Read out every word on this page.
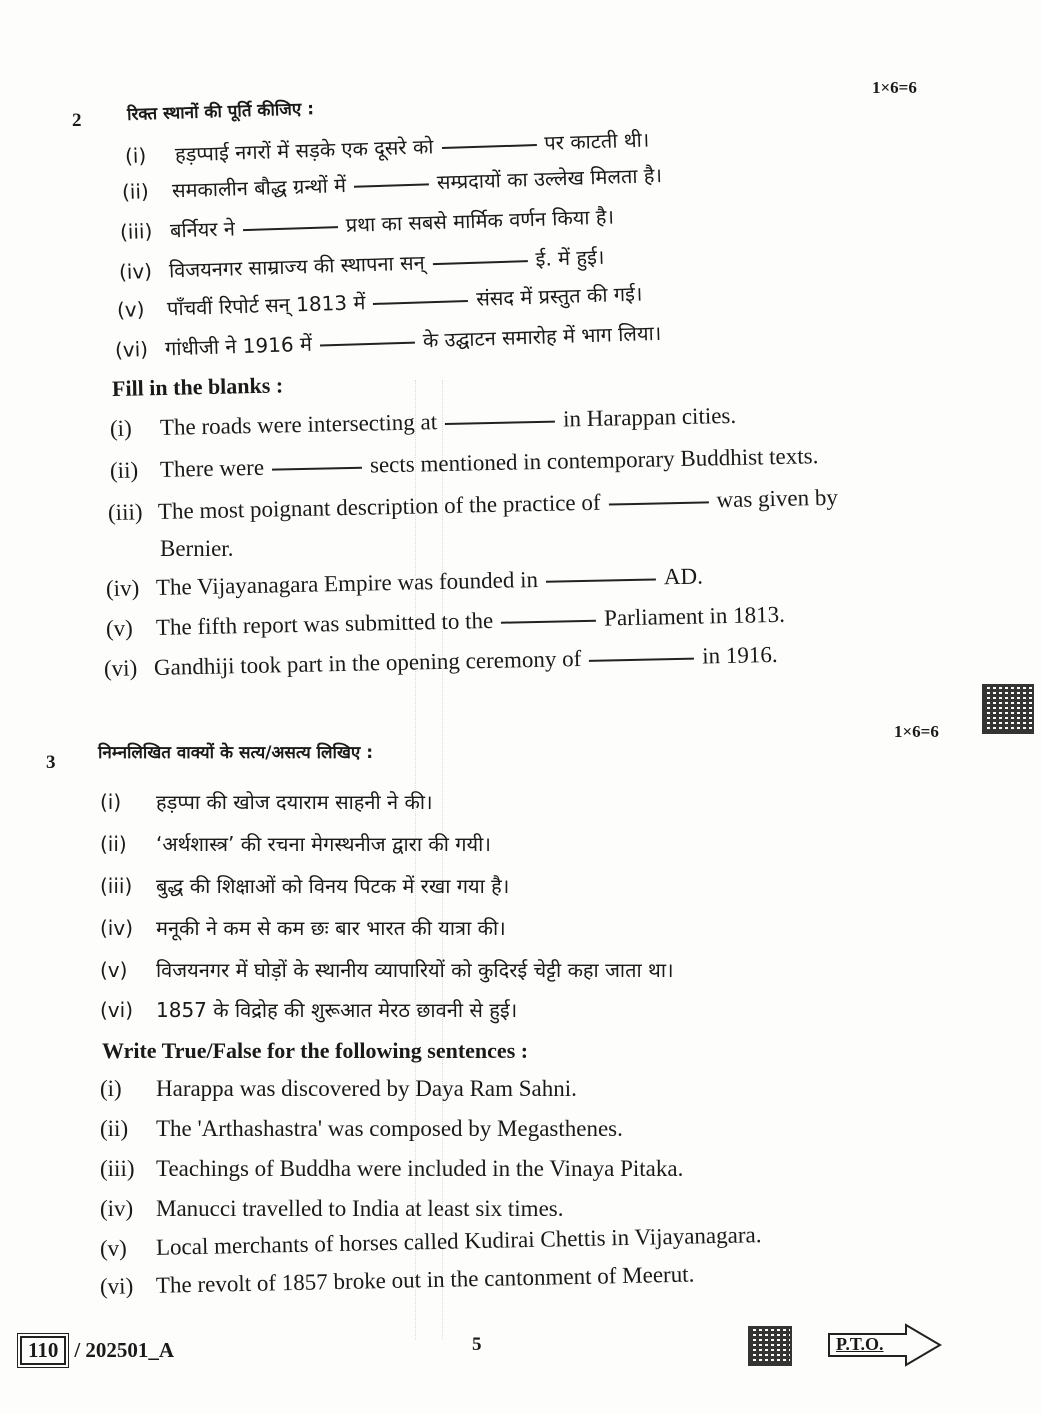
1×6=6
2	रिक्त स्थानों की पूर्ति कीजिए :
(i) हड़प्पाई नगरों में सड़के एक दूसरे को	पर काटती थी।
(ii) समकालीन बौद्ध ग्रन्थों में	सम्प्रदायों का उल्लेख मिलता है।
(iii) बर्नियर ने	प्रथा का सबसे मार्मिक वर्णन किया है।
(iv) विजयनगर साम्राज्य की स्थापना सन्	ई. में हुई।
(v) पाँचवीं रिपोर्ट सन् 1813 में	संसद में प्रस्तुत की गई।
(vi) गांधीजी ने 1916 में	के उद्घाटन समारोह में भाग लिया।
Fill in the blanks :
(i) The roads were intersecting at	in Harappan cities.
(ii) There were	sects mentioned in contemporary Buddhist texts.
(iii) The most poignant description of the practice of	was given by
Bernier.
(iv) The Vijayanagara Empire was founded in	AD.
(v) The fifth report was submitted to the	Parliament in 1813.
(vi) Gandhiji took part in the opening ceremony of	in 1916.
1×6=6
3	निम्नलिखित वाक्यों के सत्य/असत्य लिखिए :
(i) हड़प्पा की खोज दयाराम साहनी ने की।
(ii) ‘अर्थशास्त्र’ की रचना मेगस्थनीज द्वारा की गयी।
(iii) बुद्ध की शिक्षाओं को विनय पिटक में रखा गया है।
(iv) मनूकी ने कम से कम छः बार भारत की यात्रा की।
(v) विजयनगर में घोड़ों के स्थानीय व्यापारियों को कुदिरई चेट्टी कहा जाता था।
(vi) 1857 के विद्रोह की शुरूआत मेरठ छावनी से हुई।
Write True/False for the following sentences :
(i) Harappa was discovered by Daya Ram Sahni.
(ii) The 'Arthashastra' was composed by Megasthenes.
(iii) Teachings of Buddha were included in the Vinaya Pitaka.
(iv) Manucci travelled to India at least six times.
(v) Local merchants of horses called Kudirai Chettis in Vijayanagara.
(vi) The revolt of 1857 broke out in the cantonment of Meerut.
110 / 202501_A	5	P.T.O.
